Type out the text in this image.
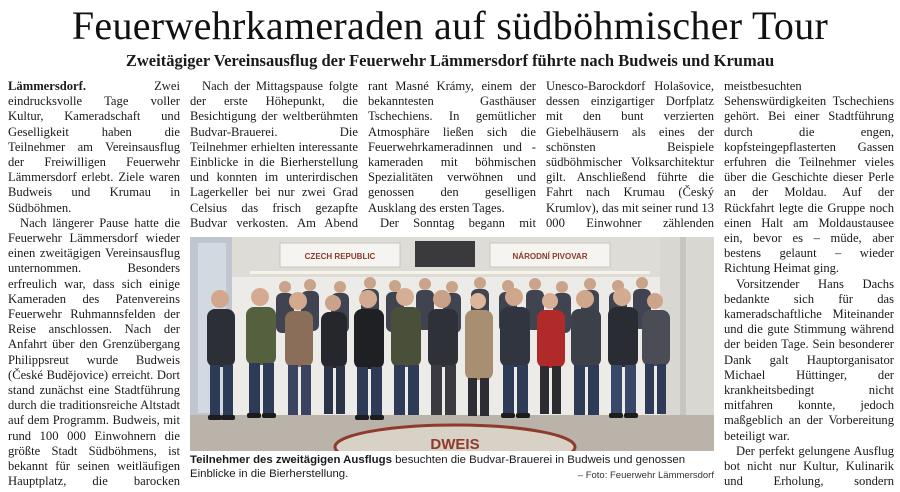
Feuerwehrkameraden auf südböhmischer Tour
Zweitägiger Vereinsausflug der Feuerwehr Lämmersdorf führte nach Budweis und Krumau

Lämmersdorf.	Zwei eindrucksvolle Tage voller Kultur, Kameradschaft und Geselligkeit haben die Teilnehmer am Vereinsausflug der Freiwilligen Feuerwehr Lämmersdorf erlebt. Ziele waren Budweis und Krumau in Südböhmen.

Nach längerer Pause hatte die Feuerwehr Lämmersdorf wieder einen zweitägigen Vereinsausflug unternommen. Besonders erfreulich war, dass sich einige Kameraden des Patenvereins Feuerwehr Ruhmannsfelden der Reise anschlossen. Nach der Anfahrt über den Grenzübergang Philippsreut wurde Budweis (České Budějovice) erreicht. Dort stand zunächst eine Stadtführung durch die traditionsreiche Altstadt auf dem Programm. Budweis, mit rund 100 000 Einwohnern die größte Stadt Südböhmens, ist bekannt für seinen weitläufigen Hauptplatz, die barocken

Nach der Mittagspause folgte der erste Höhepunkt, die Besichtigung der weltberühmten Budvar-Brauerei. Die Teilnehmer erhielten interessante Einblicke in die Bierherstellung und konnten im unterirdischen Lagerkeller bei nur zwei Grad Celsius das frisch gezapfte Budvar verkosten. Am Abend

rant Masné Krámy, einem der bekanntesten Gasthäuser Tschechiens. In gemütlicher Atmosphäre ließen sich die Feuerwehrkameradinnen und -kameraden mit böhmischen Spezialitäten verwöhnen und genossen den geselligen Ausklang des ersten Tages.

Der Sonntag begann mit

Unesco-Barockdorf Holašovice, dessen einzigartiger Dorfplatz mit den bunt verzierten Giebelhäusern als eines der schönsten Beispiele südböhmischer Volksarchitektur gilt. Anschließend führte die Fahrt nach Krumau (Český Krumlov), das mit seiner rund 13 000 Einwohner zählenden

meistbesuchten Sehenswürdigkeiten Tschechiens gehört. Bei einer Stadtführung durch die engen, kopfsteingepflasterten Gassen erfuhren die Teilnehmer vieles über die Geschichte dieser Perle an der Moldau. Auf der Rückfahrt legte die Gruppe noch einen Halt am Moldaustausee ein, bevor es – müde, aber bestens gelaunt – wieder Richtung Heimat ging.

Vorsitzender Hans Dachs bedankte sich für das kameradschaftliche Miteinander und die gute Stimmung während der beiden Tage. Sein besonderer Dank galt Hauptorganisator Michael Hüttinger, der krankheitsbedingt nicht mitfahren konnte, jedoch maßgeblich an der Vorbereitung beteiligt war.

Der perfekt gelungene Ausflug bot nicht nur Kultur, Kulinarik und Erholung, sondern

CZECH REPUBLIC	NÁRODNÍ PIVOVAR
DWEIS
Teilnehmer des zweitägigen Ausflugs besuchten die Budvar-Brauerei in Budweis und genossen Einblicke in die Bierherstellung.	– Foto: Feuerwehr Lämmersdorf
